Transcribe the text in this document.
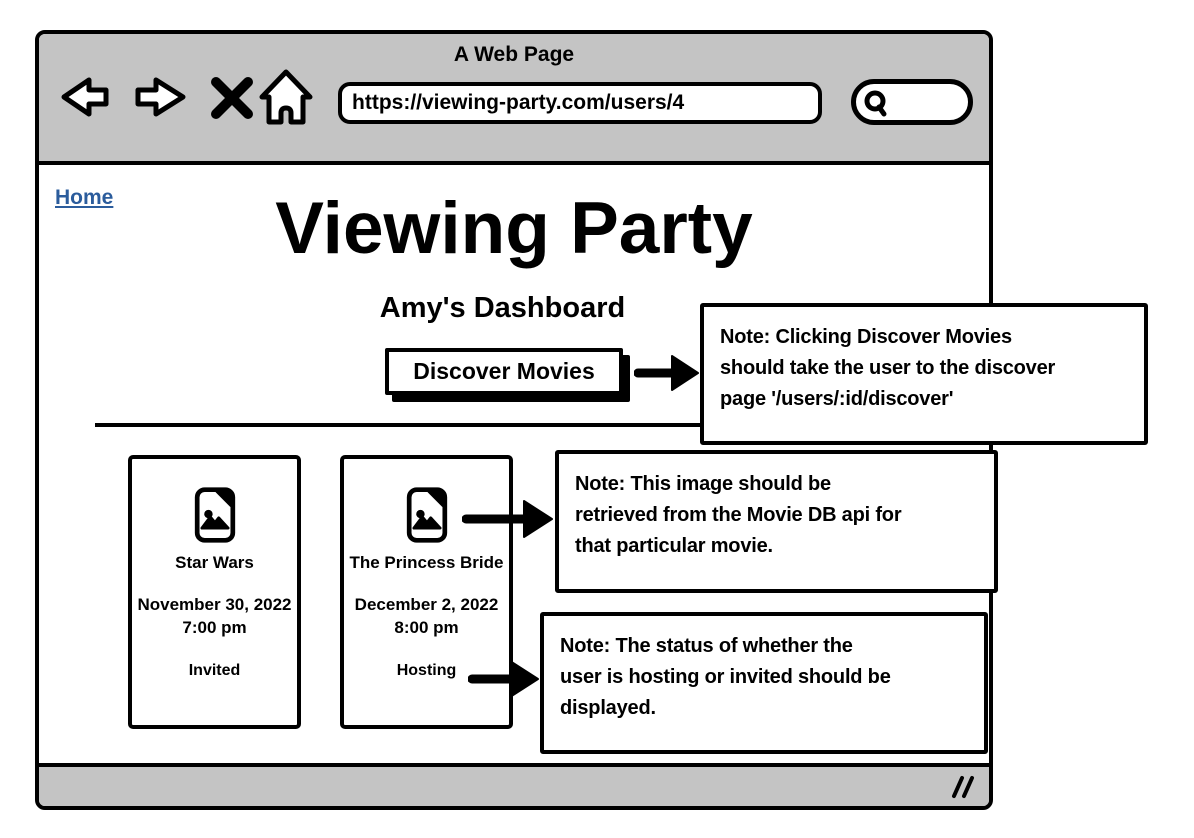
A Web Page
https://viewing-party.com/users/4
Home	Viewing Party
Amy's Dashboard
Discover Movies
Star Wars
November 30, 2022
7:00 pm
Invited
The Princess Bride
December 2, 2022
8:00 pm
Hosting
Note: Clicking Discover Movies
should take the user to the discover
page '/users/:id/discover'
Note: This image should be
retrieved from the Movie DB api for
that particular movie.
Note: The status of whether the
user is hosting or invited should be
displayed.
